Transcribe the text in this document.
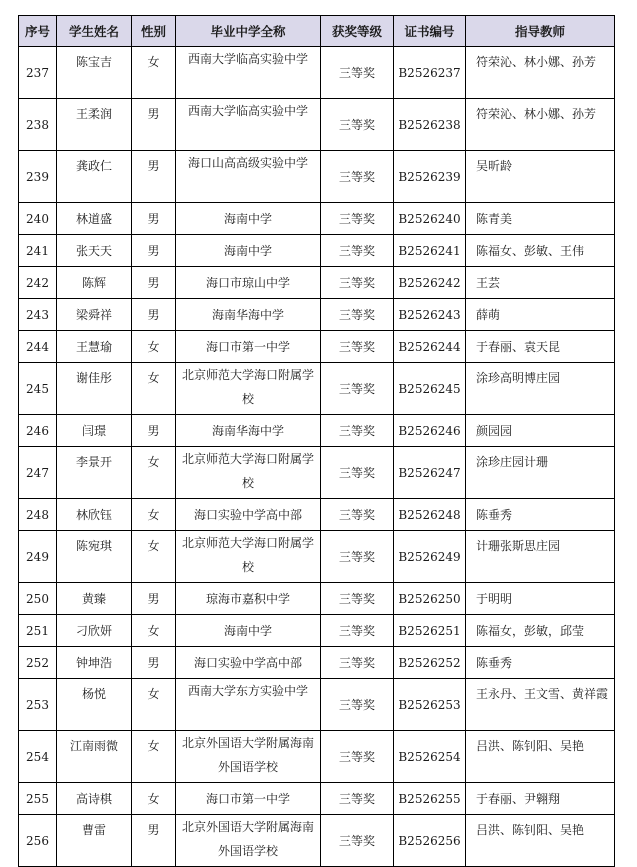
序号	学生姓名	性别	毕业中学全称	获奖等级	证书编号	指导教师
237	陈宝吉	女	西南大学临高实验中学	三等奖	B2526237	符荣沁、林小娜、孙芳
238	王柔润	男	西南大学临高实验中学	三等奖	B2526238	符荣沁、林小娜、孙芳
239	龚政仁	男	海口山高高级实验中学	三等奖	B2526239	吴昕龄
240	林道盛	男	海南中学	三等奖	B2526240	陈青美
241	张天天	男	海南中学	三等奖	B2526241	陈福女、彭敏、王伟
242	陈辉	男	海口市琼山中学	三等奖	B2526242	王芸
243	梁舜祥	男	海南华海中学	三等奖	B2526243	薛萌
244	王慧瑜	女	海口市第一中学	三等奖	B2526244	于春丽、袁天昆
245	谢佳彤	女	北京师范大学海口附属学校	三等奖	B2526245	涂珍高明博庄园
246	闫璟	男	海南华海中学	三等奖	B2526246	颜园园
247	李景开	女	北京师范大学海口附属学校	三等奖	B2526247	涂珍庄园计珊
248	林欣钰	女	海口实验中学高中部	三等奖	B2526248	陈垂秀
249	陈宛琪	女	北京师范大学海口附属学校	三等奖	B2526249	计珊张斯思庄园
250	黄臻	男	琼海市嘉积中学	三等奖	B2526250	于明明
251	刁欣妍	女	海南中学	三等奖	B2526251	陈福女，彭敏，邱莹
252	钟坤浩	男	海口实验中学高中部	三等奖	B2526252	陈垂秀
253	杨悦	女	西南大学东方实验中学	三等奖	B2526253	王永丹、王文雪、黄祥霞
254	江南雨微	女	北京外国语大学附属海南外国语学校	三等奖	B2526254	吕洪、陈钊阳、吴艳
255	高诗棋	女	海口市第一中学	三等奖	B2526255	于春丽、尹翱翔
256	曹雷	男	北京外国语大学附属海南外国语学校	三等奖	B2526256	吕洪、陈钊阳、吴艳
